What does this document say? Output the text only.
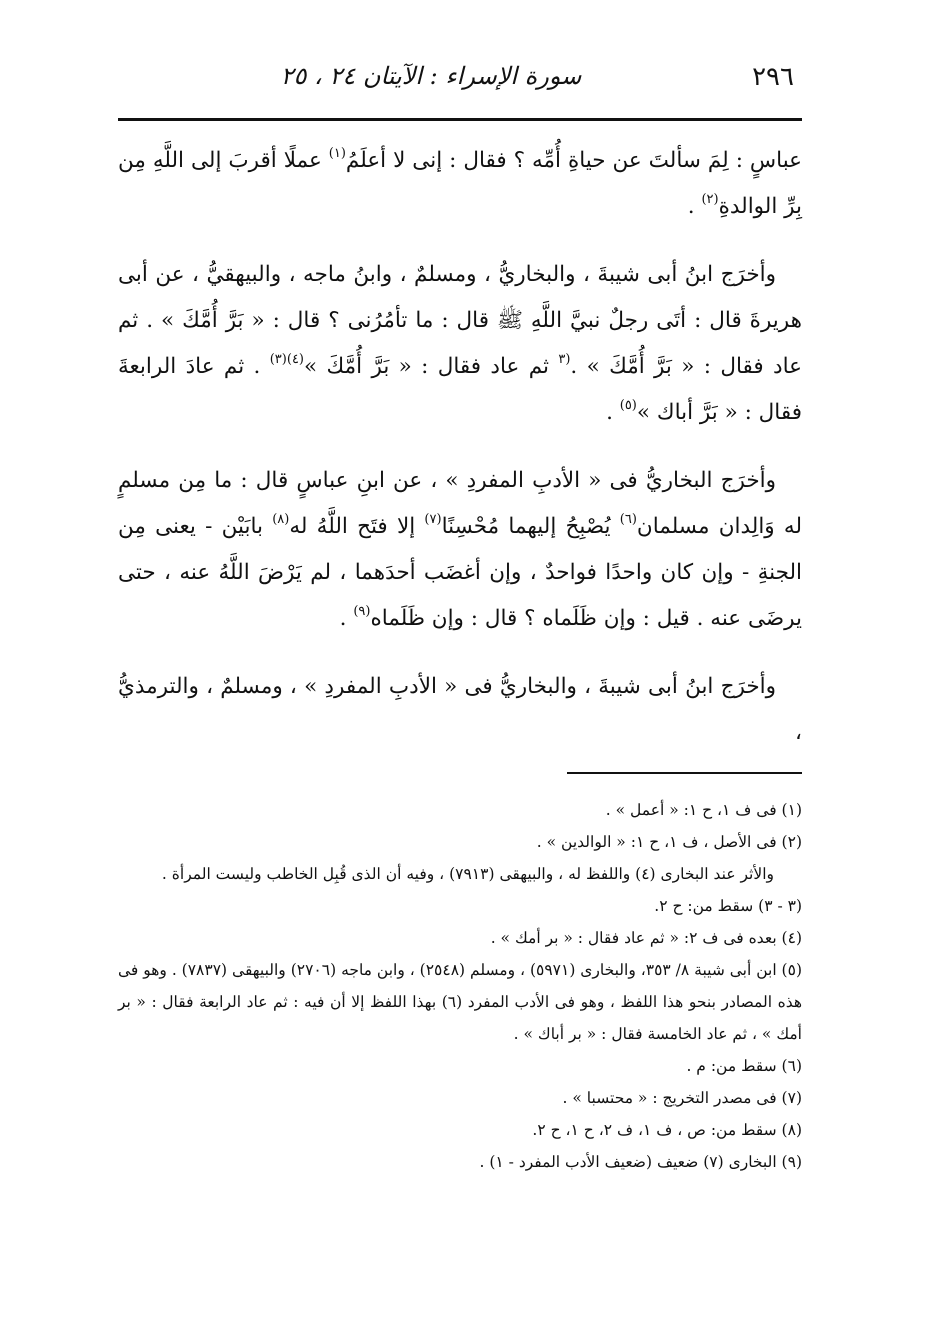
٢٩٦
سورة الإسراء : الآيتان ٢٤ ، ٢٥

عباسٍ : لِمَ سألتَ عن حياةِ أُمِّه ؟ فقال : إنى لا أعلَمُ$^{(١)}$ عملًا أقربَ إلى اللَّهِ مِن بِرِّ الوالدةِ$^{(٢)}$ .

وأخرَج ابنُ أبى شيبةَ ، والبخاريُّ ، ومسلمٌ ، وابنُ ماجه ، والبيهقيُّ ، عن أبى هريرةَ قال : أتَى رجلٌ نبيَّ اللَّهِ ﷺ قال : ما تأمُرُنى ؟ قال : « بَرَّ أُمَّكَ » . ثم عاد فقال : « بَرَّ أُمَّكَ » .$^{(٣}$ ثم عاد فقال : « بَرَّ أُمَّكَ »$^{(٤)(٣)}$ . ثم عادَ الرابعةَ فقال : « بَرَّ أباك »$^{(٥)}$ .

وأخرَج البخاريُّ فى « الأدبِ المفردِ » ، عن ابنِ عباسٍ قال : ما مِن مسلمٍ له وَالِدان مسلمان$^{(٦)}$ يُصْبِحُ إليهما مُحْسِنًا$^{(٧)}$ إلا فتَح اللَّهُ له$^{(٨)}$ بابَيْن - يعنى مِن الجنةِ - وإن كان واحدًا فواحدٌ ، وإن أغضَب أحدَهما ، لم يَرْضَ اللَّهُ عنه ، حتى يرضَى عنه . قيل : وإن ظَلَماه ؟ قال : وإن ظَلَماه$^{(٩)}$ .

وأخرَج ابنُ أبى شيبةَ ، والبخاريُّ فى « الأدبِ المفردِ » ، ومسلمٌ ، والترمذيُّ ،

(١) فى ف ١، ح ١: « أعمل » .
(٢) فى الأصل ، ف ١، ح ١: « الوالدين » .
والأثر عند البخارى (٤) واللفظ له ، والبيهقى (٧٩١٣) ، وفيه أن الذى قُبِل الخاطب وليست المرأة .
(٣ - ٣) سقط من: ح ٢.
(٤) بعده فى ف ٢: « ثم عاد فقال : « بر أمك » .
(٥) ابن أبى شيبة ٨/ ٣٥٣، والبخارى (٥٩٧١) ، ومسلم (٢٥٤٨) ، وابن ماجه (٢٧٠٦) والبيهقى (٧٨٣٧) . وهو فى هذه المصادر بنحو هذا اللفظ ، وهو فى الأدب المفرد (٦) بهذا اللفظ إلا أن فيه : ثم عاد الرابعة فقال : « بر أمك » ، ثم عاد الخامسة فقال : « بر أباك » .
(٦) سقط من: م .
(٧) فى مصدر التخريج : « محتسبا » .
(٨) سقط من: ص ، ف ١، ف ٢، ح ١، ح ٢.
(٩) البخارى (٧) ضعيف (ضعيف الأدب المفرد - ١) .
